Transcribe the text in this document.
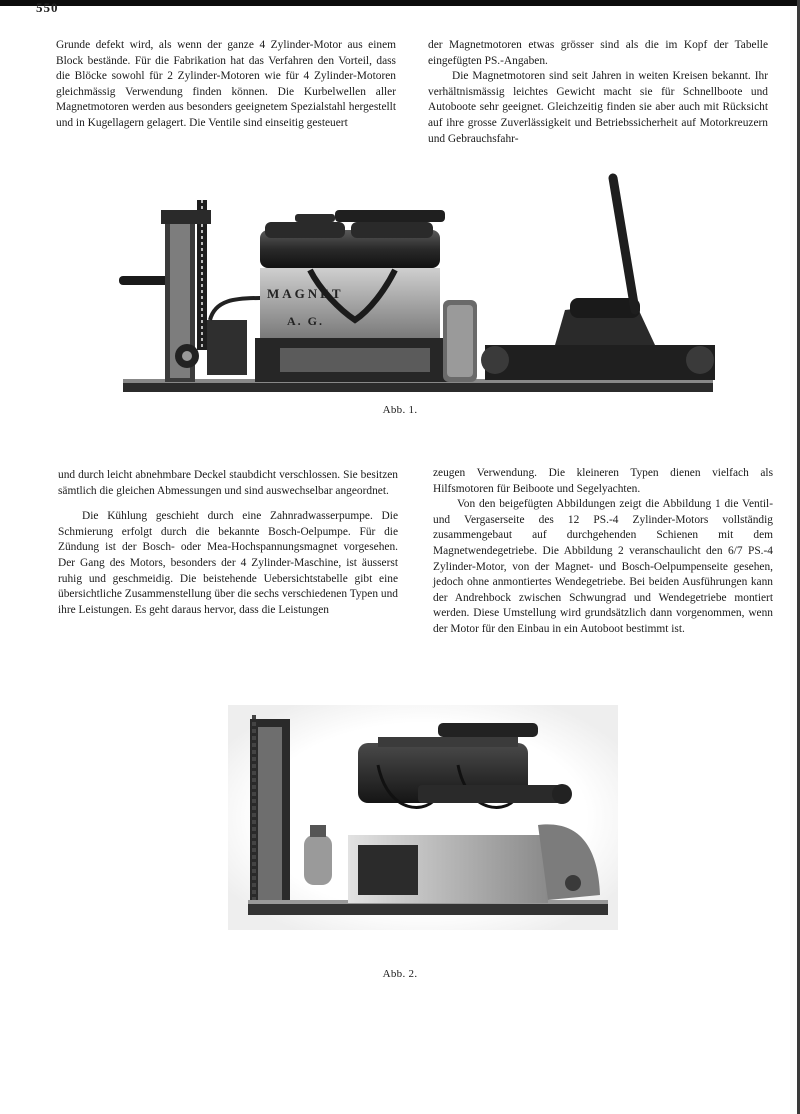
550

Grunde defekt wird, als wenn der ganze 4 Zylinder-Motor aus einem Block bestände. Für die Fabrikation hat das Verfahren den Vorteil, dass die Blöcke sowohl für 2 Zylinder-Motoren wie für 4 Zylinder-Motoren gleichmässig Verwendung finden können. Die Kurbelwellen aller Magnetmotoren werden aus besonders geeignetem Spezialstahl hergestellt und in Kugellagern gelagert. Die Ventile sind einseitig gesteuert

der Magnetmotoren etwas grösser sind als die im Kopf der Tabelle eingefügten PS.-Angaben.

Die Magnetmotoren sind seit Jahren in weiten Kreisen bekannt. Ihr verhältnismässig leichtes Gewicht macht sie für Schnellboote und Autoboote sehr geeignet. Gleichzeitig finden sie aber auch mit Rücksicht auf ihre grosse Zuverlässigkeit und Betriebssicherheit auf Motorkreuzern und Gebrauchsfahr-

MAGNET
A. G.
Abb. 1.

und durch leicht abnehmbare Deckel staubdicht verschlossen. Sie besitzen sämtlich die gleichen Abmessungen und sind auswechselbar angeordnet.

Die Kühlung geschieht durch eine Zahnradwasserpumpe. Die Schmierung erfolgt durch die bekannte Bosch-Oelpumpe. Für die Zündung ist der Bosch- oder Mea-Hochspannungsmagnet vorgesehen. Der Gang des Motors, besonders der 4 Zylinder-Maschine, ist äusserst ruhig und geschmeidig. Die beistehende Uebersichtstabelle gibt eine übersichtliche Zusammenstellung über die sechs verschiedenen Typen und ihre Leistungen. Es geht daraus hervor, dass die Leistungen

zeugen Verwendung. Die kleineren Typen dienen vielfach als Hilfsmotoren für Beiboote und Segelyachten.

Von den beigefügten Abbildungen zeigt die Abbildung 1 die Ventil- und Vergaserseite des 12 PS.-4 Zylinder-Motors vollständig zusammengebaut auf durchgehenden Schienen mit dem Magnetwendegetriebe. Die Abbildung 2 veranschaulicht den 6/7 PS.-4 Zylinder-Motor, von der Magnet- und Bosch-Oelpumpenseite gesehen, jedoch ohne anmontiertes Wendegetriebe. Bei beiden Ausführungen kann der Andrehbock zwischen Schwungrad und Wendegetriebe montiert werden. Diese Umstellung wird grundsätzlich dann vorgenommen, wenn der Motor für den Einbau in ein Autoboot bestimmt ist.

Abb. 2.
